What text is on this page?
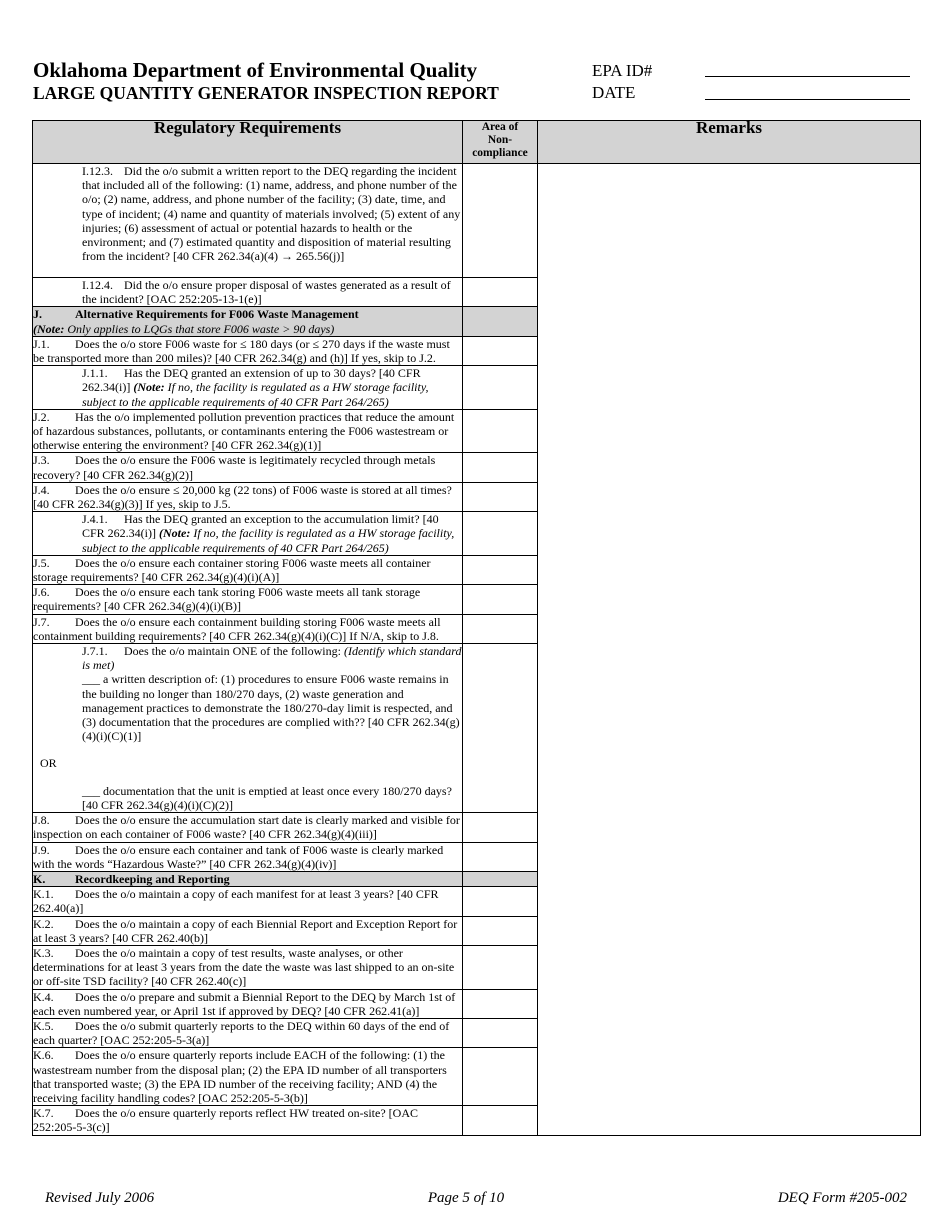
Oklahoma Department of Environmental Quality
LARGE QUANTITY GENERATOR INSPECTION REPORT
EPA ID#
DATE
Regulatory Requirements	Area of
Non-
compliance	Remarks
I.12.3. Did the o/o submit a written report to the DEQ regarding the incident that included all of the following: (1) name, address, and phone number of the o/o; (2) name, address, and phone number of the facility; (3) date, time, and type of incident; (4) name and quantity of materials involved; (5) extent of any injuries; (6) assessment of actual or potential hazards to health or the environment; and (7) estimated quantity and disposition of material resulting from the incident? [40 CFR 262.34(a)(4) → 265.56(j)]		
I.12.4. Did the o/o ensure proper disposal of wastes generated as a result of the incident? [OAC 252:205-13-1(e)]		
J. Alternative Requirements for F006 Waste Management
(Note: Only applies to LQGs that store F006 waste > 90 days)		

J.1. Does the o/o store F006 waste for ≤ 180 days (or ≤ 270 days if the waste must be transported more than 200 miles)? [40 CFR 262.34(g) and (h)] If yes, skip to J.2.		
J.1.1. Has the DEQ granted an extension of up to 30 days? [40 CFR 262.34(i)] (Note: If no, the facility is regulated as a HW storage facility, subject to the applicable requirements of 40 CFR Part 264/265)		
J.2. Has the o/o implemented pollution prevention practices that reduce the amount of hazardous substances, pollutants, or contaminants entering the F006 wastestream or otherwise entering the environment? [40 CFR 262.34(g)(1)]		
J.3. Does the o/o ensure the F006 waste is legitimately recycled through metals recovery? [40 CFR 262.34(g)(2)]		
J.4. Does the o/o ensure ≤ 20,000 kg (22 tons) of F006 waste is stored at all times? [40 CFR 262.34(g)(3)] If yes, skip to J.5.		
J.4.1. Has the DEQ granted an exception to the accumulation limit? [40 CFR 262.34(i)] (Note: If no, the facility is regulated as a HW storage facility, subject to the applicable requirements of 40 CFR Part 264/265)		
J.5. Does the o/o ensure each container storing F006 waste meets all container storage requirements? [40 CFR 262.34(g)(4)(i)(A)]		
J.6. Does the o/o ensure each tank storing F006 waste meets all tank storage requirements? [40 CFR 262.34(g)(4)(i)(B)]		
J.7. Does the o/o ensure each containment building storing F006 waste meets all containment building requirements? [40 CFR 262.34(g)(4)(i)(C)] If N/A, skip to J.8.		

J.7.1. Does the o/o maintain ONE of the following: (Identify which standard is met)
___ a written description of: (1) procedures to ensure F006 waste remains in the building no longer than 180/270 days, (2) waste generation and management practices to demonstrate the 180/270-day limit is respected, and (3) documentation that the procedures are complied with?? [40 CFR 262.34(g)(4)(i)(C)(1)]
OR
___ documentation that the unit is emptied at least once every 180/270 days? [40 CFR 262.34(g)(4)(i)(C)(2)]		

J.8. Does the o/o ensure the accumulation start date is clearly marked and visible for inspection on each container of F006 waste? [40 CFR 262.34(g)(4)(iii)]		
J.9. Does the o/o ensure each container and tank of F006 waste is clearly marked with the words “Hazardous Waste?” [40 CFR 262.34(g)(4)(iv)]		
K. Recordkeeping and Reporting		
K.1. Does the o/o maintain a copy of each manifest for at least 3 years? [40 CFR 262.40(a)]		
K.2. Does the o/o maintain a copy of each Biennial Report and Exception Report for at least 3 years? [40 CFR 262.40(b)]		
K.3. Does the o/o maintain a copy of test results, waste analyses, or other determinations for at least 3 years from the date the waste was last shipped to an on-site or off-site TSD facility? [40 CFR 262.40(c)]		
K.4. Does the o/o prepare and submit a Biennial Report to the DEQ by March 1st of each even numbered year, or April 1st if approved by DEQ? [40 CFR 262.41(a)]		
K.5. Does the o/o submit quarterly reports to the DEQ within 60 days of the end of each quarter? [OAC 252:205-5-3(a)]		
K.6. Does the o/o ensure quarterly reports include EACH of the following: (1) the wastestream number from the disposal plan; (2) the EPA ID number of all transporters that transported waste; (3) the EPA ID number of the receiving facility; AND (4) the receiving facility handling codes? [OAC 252:205-5-3(b)]		
K.7. Does the o/o ensure quarterly reports reflect HW treated on-site? [OAC 252:205-5-3(c)]		
Revised July 2006	Page 5 of 10	DEQ Form #205-002
